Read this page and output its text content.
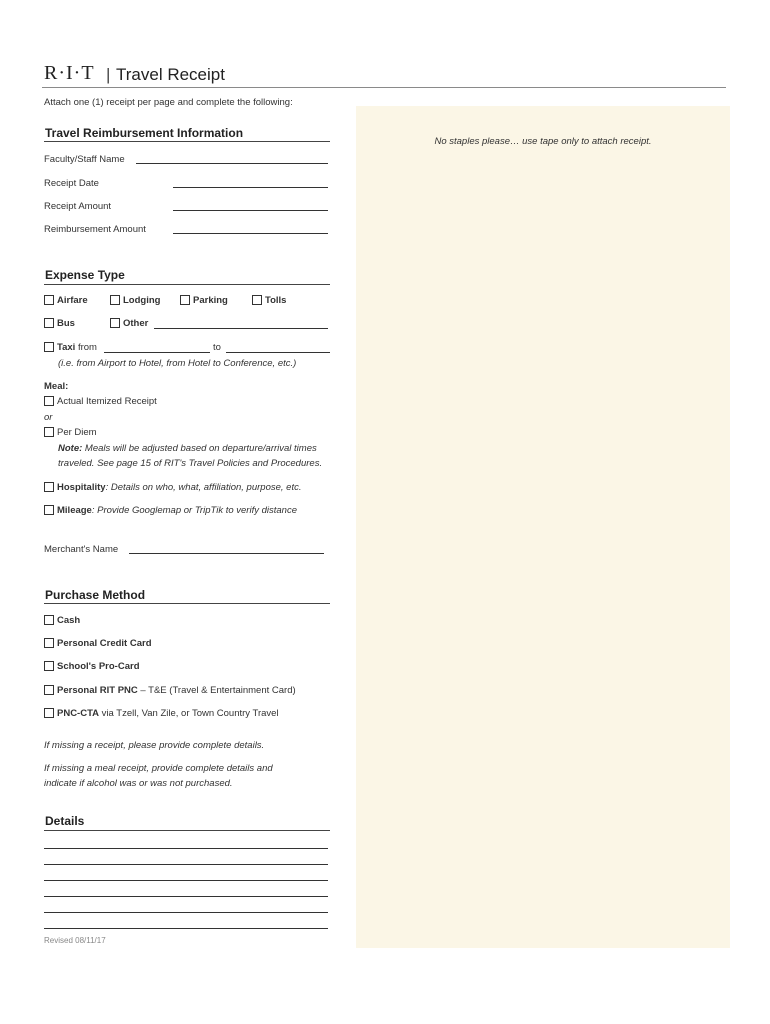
R·I·T | Travel Receipt
Attach one (1) receipt per page and complete the following:
No staples please… use tape only to attach receipt.
Travel Reimbursement Information
Faculty/Staff Name
Receipt Date
Receipt Amount
Reimbursement Amount
Expense Type
Airfare	Lodging	Parking	Tolls
Bus	Other
Taxi from	to
(i.e. from Airport to Hotel, from Hotel to Conference, etc.)
Meal:
Actual Itemized Receipt
or
Per Diem
Note: Meals will be adjusted based on departure/arrival times
traveled. See page 15 of RIT's Travel Policies and Procedures.
Hospitality: Details on who, what, affiliation, purpose, etc.
Mileage: Provide Googlemap or TripTik to verify distance
Merchant's Name
Purchase Method
Cash
Personal Credit Card
School's Pro-Card
Personal RIT PNC – T&E (Travel & Entertainment Card)
PNC-CTA via Tzell, Van Zile, or Town Country Travel
If missing a receipt, please provide complete details.
If missing a meal receipt, provide complete details and
indicate if alcohol was or was not purchased.
Details
Revised 08/11/17
